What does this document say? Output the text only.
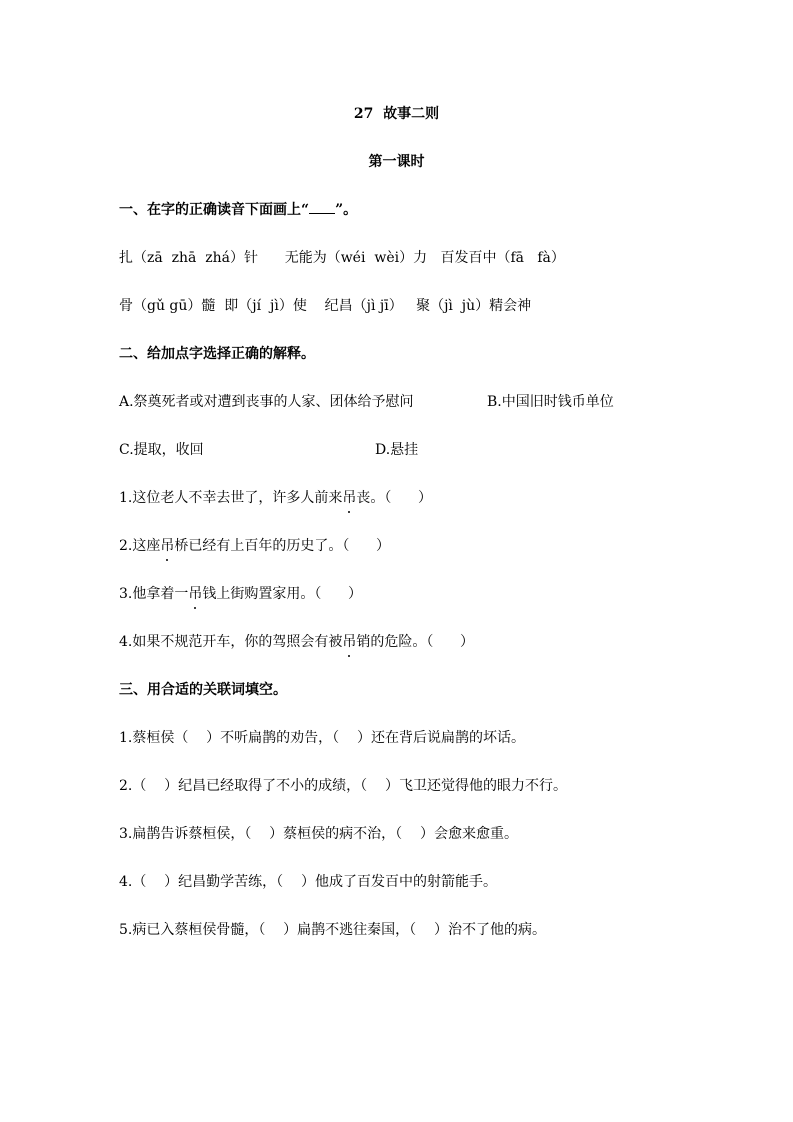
27  故事二则
第一课时
一、在字的正确读音下面画上“ ”。
扎（zā  zhā  zhá）针      无能为（wéi  wèi）力   百发百中（fā   fà）
骨（gǔ gū）髓  即（jí  jì）使    纪昌（jì jī）   聚（jì  jù）精会神
二、给加点字选择正确的解释。
A.祭奠死者或对遭到丧事的人家、团体给予慰问	B.中国旧时钱币单位
C.提取，收回	D.悬挂
1.这位老人不幸去世了，许多人前来吊丧。（      ）
2.这座吊桥已经有上百年的历史了。（      ）
3.他拿着一吊钱上街购置家用。（      ）
4.如果不规范开车，你的驾照会有被吊销的危险。（      ）
三、用合适的关联词填空。
1.蔡桓侯（    ）不听扁鹊的劝告，（    ）还在背后说扁鹊的坏话。
2.（    ）纪昌已经取得了不小的成绩，（    ）飞卫还觉得他的眼力不行。
3.扁鹊告诉蔡桓侯，（    ）蔡桓侯的病不治，（    ）会愈来愈重。
4.（    ）纪昌勤学苦练，（    ）他成了百发百中的射箭能手。
5.病已入蔡桓侯骨髓，（    ）扁鹊不逃往秦国，（    ）治不了他的病。
